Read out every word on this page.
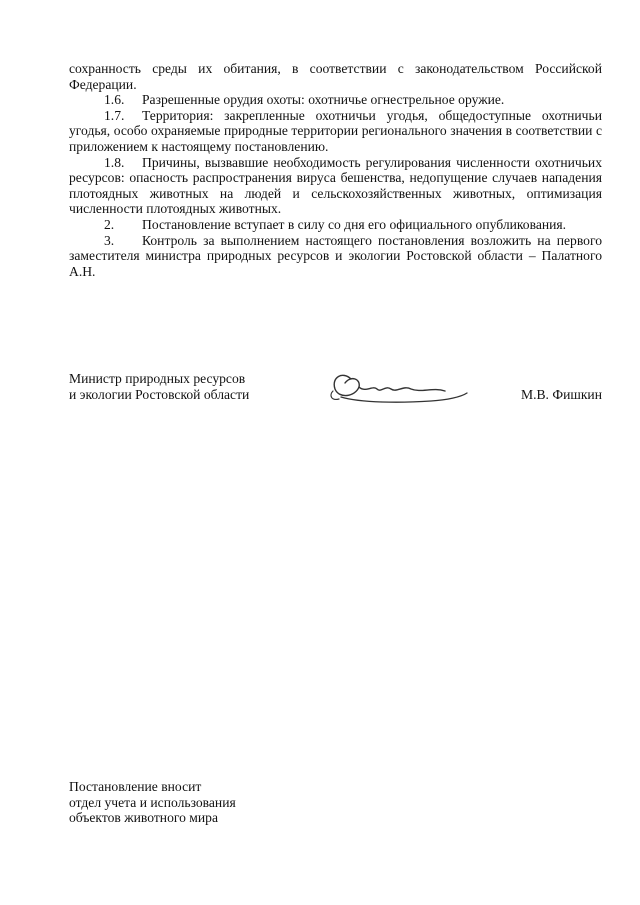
сохранность среды их обитания, в соответствии с законодательством Российской Федерации.

1.6. Разрешенные орудия охоты: охотничье огнестрельное оружие.

1.7. Территория: закрепленные охотничьи угодья, общедоступные охотничьи угодья, особо охраняемые природные территории регионального значения в соответствии с приложением к настоящему постановлению.

1.8. Причины, вызвавшие необходимость регулирования численности охотничьих ресурсов: опасность распространения вируса бешенства, недопущение случаев нападения плотоядных животных на людей и сельскохозяйственных животных, оптимизация численности плотоядных животных.

2. Постановление вступает в силу со дня его официального опубликования.

3. Контроль за выполнением настоящего постановления возложить на первого заместителя министра природных ресурсов и экологии Ростовской области – Палатного А.Н.

Министр природных ресурсов
и экологии Ростовской области	М.В. Фишкин
Постановление вносит
отдел учета и использования
объектов животного мира
